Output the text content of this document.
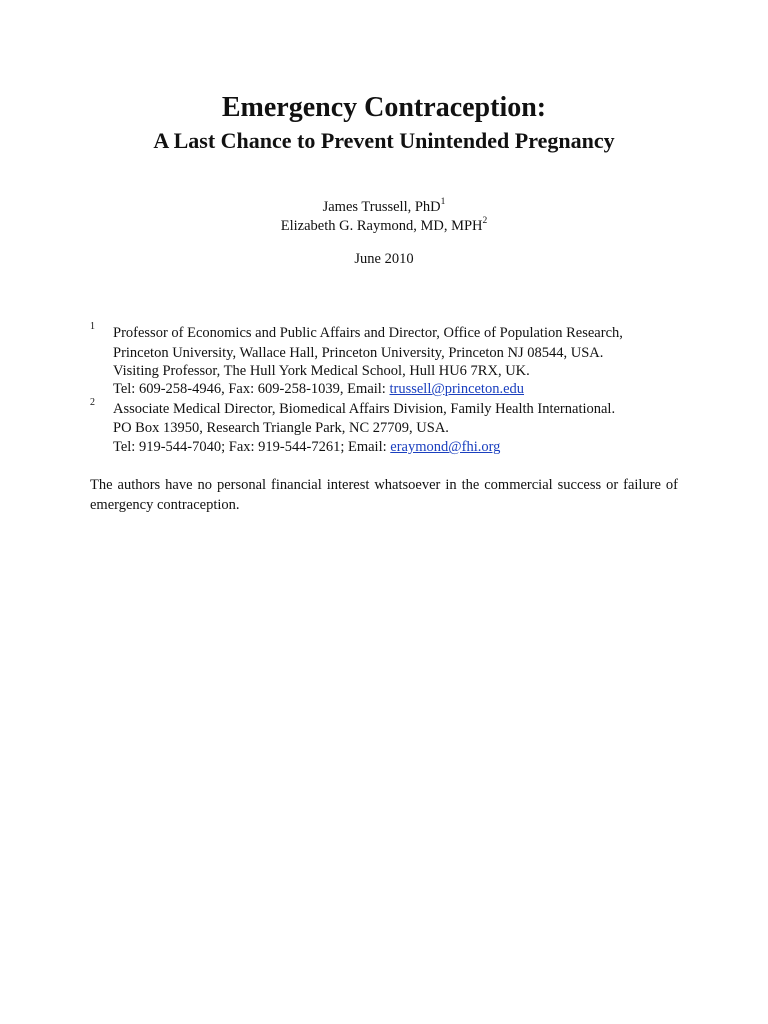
Emergency Contraception:
A Last Chance to Prevent Unintended Pregnancy
James Trussell, PhD$^1$
Elizabeth G. Raymond, MD, MPH$^2$
June 2010
1 Professor of Economics and Public Affairs and Director, Office of Population Research,
Princeton University, Wallace Hall, Princeton University, Princeton NJ 08544, USA.
Visiting Professor, The Hull York Medical School, Hull HU6 7RX, UK.
Tel: 609-258-4946, Fax: 609-258-1039, Email: trussell@princeton.edu
2 Associate Medical Director, Biomedical Affairs Division, Family Health International.
PO Box 13950, Research Triangle Park, NC 27709, USA.
Tel: 919-544-7040; Fax: 919-544-7261; Email: eraymond@fhi.org
The authors have no personal financial interest whatsoever in the commercial success or failure of emergency contraception.
